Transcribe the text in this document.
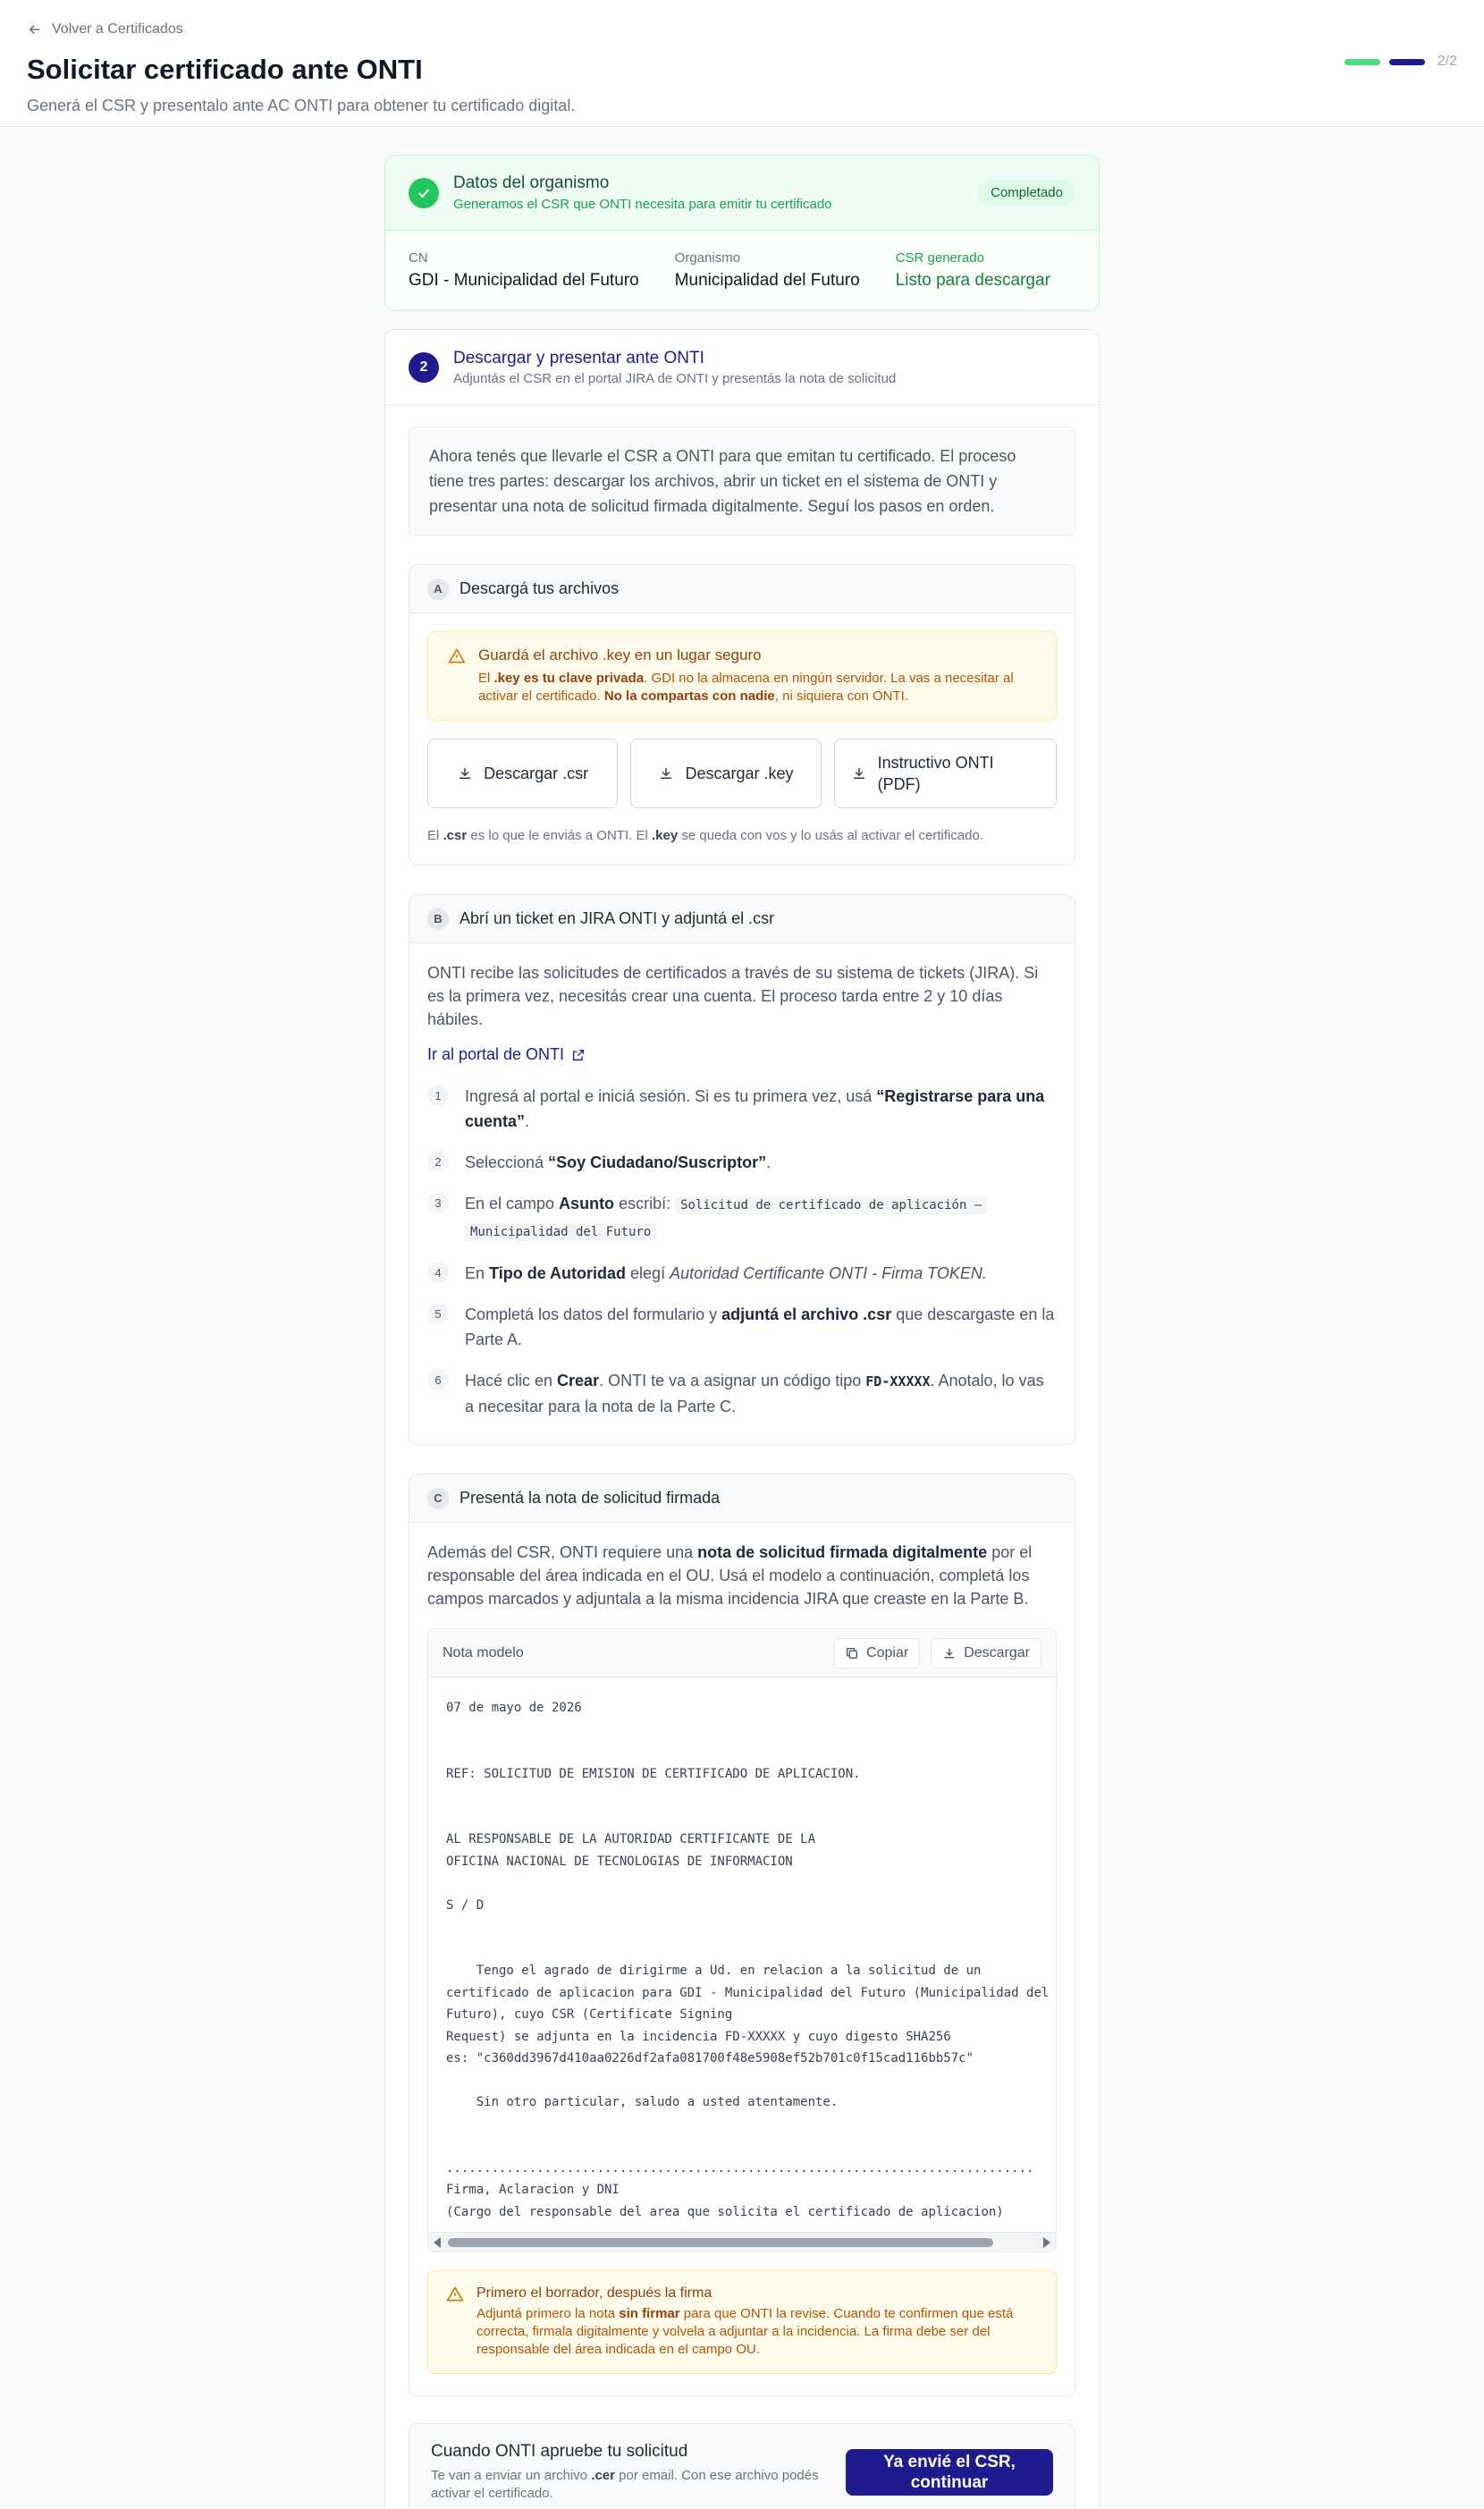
Volver a Certificados
Solicitar certificado ante ONTI
Generá el CSR y presentalo ante AC ONTI para obtener tu certificado digital.
2/2
Datos del organismo
Generamos el CSR que ONTI necesita para emitir tu certificado
Completado
CN
GDI - Municipalidad del Futuro
Organismo
Municipalidad del Futuro
CSR generado
Listo para descargar
2	Descargar y presentar ante ONTI
Adjuntás el CSR en el portal JIRA de ONTI y presentás la nota de solicitud
Ahora tenés que llevarle el CSR a ONTI para que emitan tu certificado. El proceso tiene tres partes: descargar los archivos, abrir un ticket en el sistema de ONTI y presentar una nota de solicitud firmada digitalmente. Seguí los pasos en orden.
A	Descargá tus archivos
Guardá el archivo .key en un lugar seguro
El .key es tu clave privada. GDI no la almacena en ningún servidor. La vas a necesitar al activar el certificado. No la compartas con nadie, ni siquiera con ONTI.
Descargar .csr	Descargar .key
Instructivo ONTI (PDF)
El .csr es lo que le enviás a ONTI. El .key se queda con vos y lo usás al activar el certificado.
B	Abrí un ticket en JIRA ONTI y adjuntá el .csr
ONTI recibe las solicitudes de certificados a través de su sistema de tickets (JIRA). Si es la primera vez, necesitás crear una cuenta. El proceso tarda entre 2 y 10 días hábiles.
Ir al portal de ONTI
1	Ingresá al portal e iniciá sesión. Si es tu primera vez, usá “Registrarse para una cuenta”.
2	Seleccioná “Soy Ciudadano/Suscriptor”.
3	En el campo Asunto escribí: Solicitud de certificado de aplicación –
Municipalidad del Futuro
4	En Tipo de Autoridad elegí Autoridad Certificante ONTI - Firma TOKEN.
5	Completá los datos del formulario y adjuntá el archivo .csr que descargaste en la Parte A.
6	Hacé clic en Crear. ONTI te va a asignar un código tipo FD-XXXXX. Anotalo, lo vas a necesitar para la nota de la Parte C.
C	Presentá la nota de solicitud firmada
Además del CSR, ONTI requiere una nota de solicitud firmada digitalmente por el responsable del área indicada en el OU. Usá el modelo a continuación, completá los campos marcados y adjuntala a la misma incidencia JIRA que creaste en la Parte B.
Nota modelo	Copiar	Descargar
07 de mayo de 2026

REF: SOLICITUD DE EMISION DE CERTIFICADO DE APLICACION.

AL RESPONSABLE DE LA AUTORIDAD CERTIFICANTE DE LA
OFICINA NACIONAL DE TECNOLOGIAS DE INFORMACION

S / D

Tengo el agrado de dirigirme a Ud. en relacion a la solicitud de un
certificado de aplicacion para GDI - Municipalidad del Futuro (Municipalidad del
Futuro), cuyo CSR (Certificate Signing
Request) se adjunta en la incidencia FD-XXXXX y cuyo digesto SHA256
es: "c360dd3967d410aa0226df2afa081700f48e5908ef52b701c0f15cad116bb57c"

Sin otro particular, saludo a usted atentamente.

..............................................................................
Firma, Aclaracion y DNI
(Cargo del responsable del area que solicita el certificado de aplicacion)
Primero el borrador, después la firma
Adjuntá primero la nota sin firmar para que ONTI la revise. Cuando te confirmen que está correcta, firmala digitalmente y volvela a adjuntar a la incidencia. La firma debe ser del responsable del área indicada en el campo OU.
Cuando ONTI apruebe tu solicitud
Te van a enviar un archivo .cer por email. Con ese archivo podés activar el certificado.
Ya envié el CSR, continuar
